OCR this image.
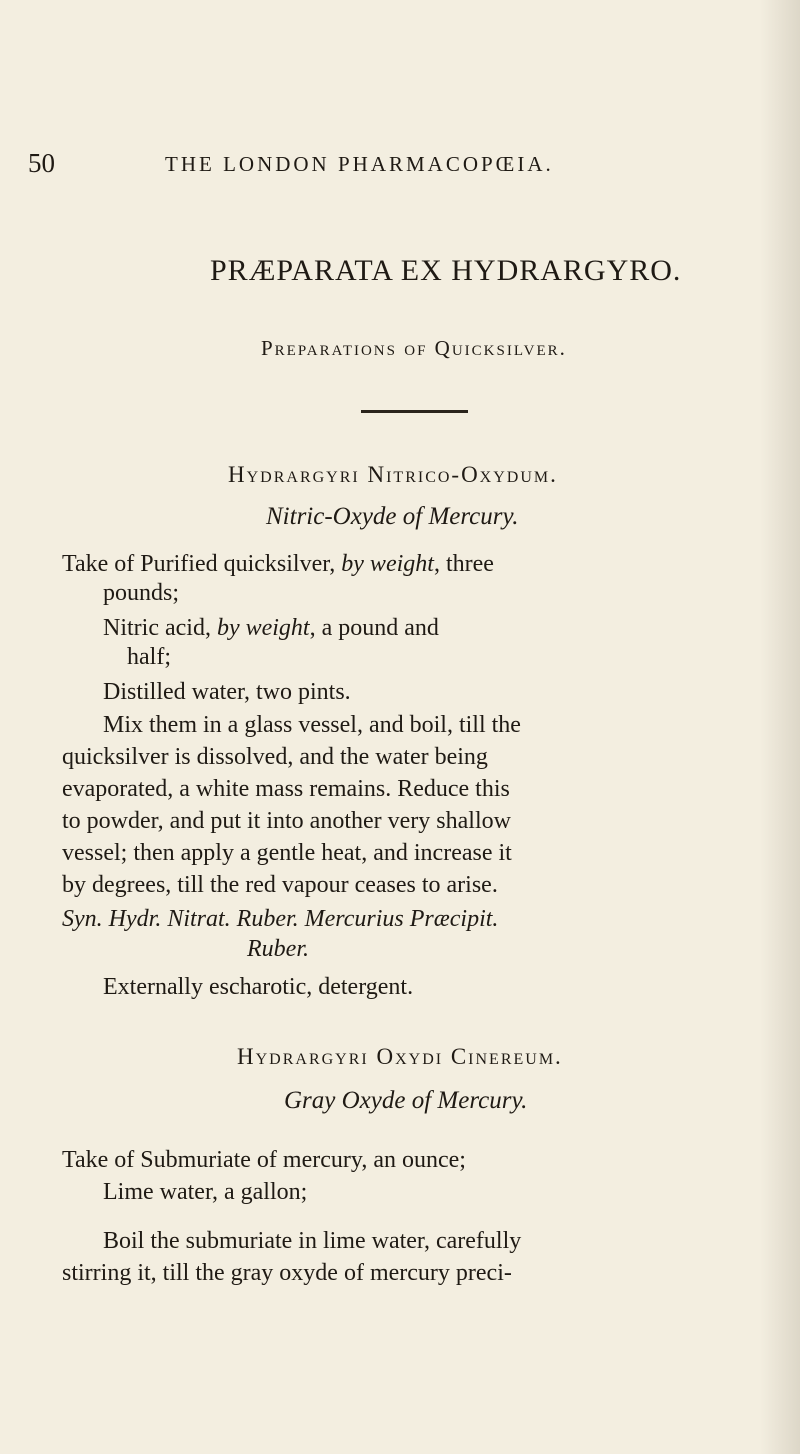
50	THE LONDON PHARMACOPŒIA.
PRÆPARATA EX HYDRARGYRO.
Preparations of Quicksilver.
Hydrargyri Nitrico-Oxydum.
Nitric-Oxyde of Mercury.
Take of Purified quicksilver, by weight, three
pounds;
Nitric acid, by weight, a pound and
half;
Distilled water, two pints.
Mix them in a glass vessel, and boil, till the
quicksilver is dissolved, and the water being
evaporated, a white mass remains. Reduce this
to powder, and put it into another very shallow
vessel; then apply a gentle heat, and increase it
by degrees, till the red vapour ceases to arise.
Syn. Hydr. Nitrat. Ruber. Mercurius Præcipit.
Ruber.
Externally escharotic, detergent.
Hydrargyri Oxydi Cinereum.
Gray Oxyde of Mercury.
Take of Submuriate of mercury, an ounce;
Lime water, a gallon;
Boil the submuriate in lime water, carefully
stirring it, till the gray oxyde of mercury preci-
